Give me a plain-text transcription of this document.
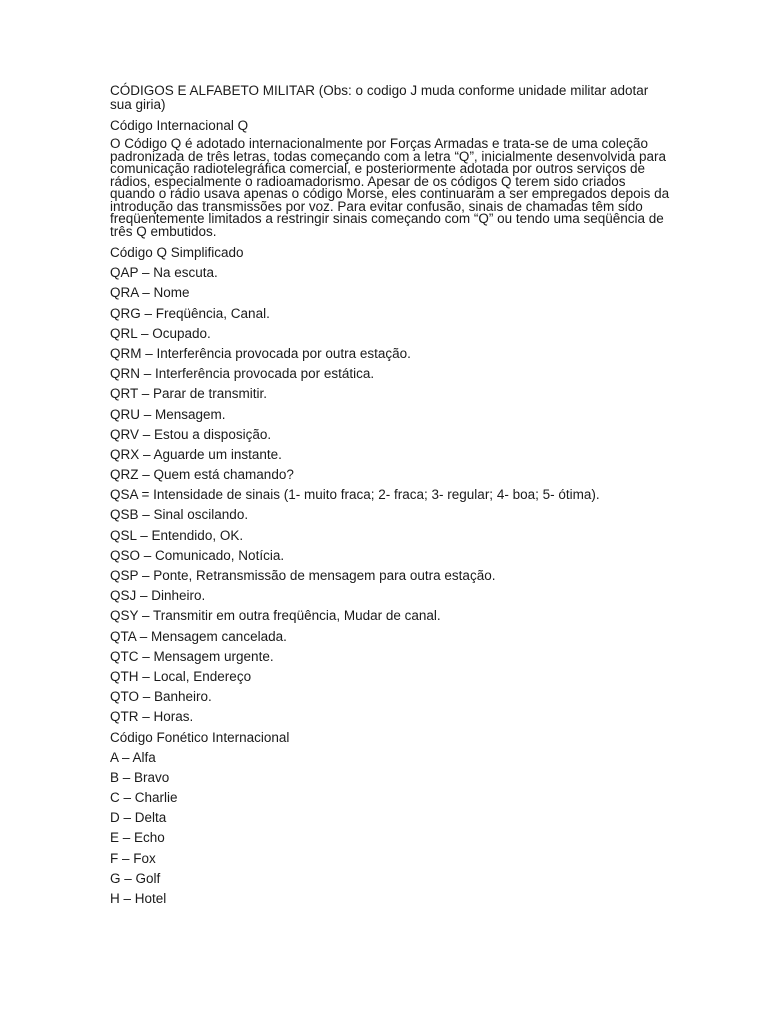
CÓDIGOS E ALFABETO MILITAR (Obs: o codigo J muda conforme unidade militar adotar sua giria)
Código Internacional Q
O Código Q é adotado internacionalmente por Forças Armadas e trata-se de uma coleção padronizada de três letras, todas começando com a letra “Q”, inicialmente desenvolvida para comunicação radiotelegráfica comercial, e posteriormente adotada por outros serviços de rádios, especialmente o radioamadorismo. Apesar de os códigos Q terem sido criados quando o rádio usava apenas o código Morse, eles continuaram a ser empregados depois da introdução das transmissões por voz. Para evitar confusão, sinais de chamadas têm sido freqüentemente limitados a restringir sinais começando com “Q” ou tendo uma seqüência de três Q embutidos.
Código Q Simplificado
QAP – Na escuta.
QRA – Nome
QRG – Freqüência, Canal.
QRL – Ocupado.
QRM – Interferência provocada por outra estação.
QRN – Interferência provocada por estática.
QRT – Parar de transmitir.
QRU – Mensagem.
QRV – Estou a disposição.
QRX – Aguarde um instante.
QRZ – Quem está chamando?
QSA = Intensidade de sinais (1- muito fraca; 2- fraca; 3- regular; 4- boa; 5- ótima).
QSB – Sinal oscilando.
QSL – Entendido, OK.
QSO – Comunicado, Notícia.
QSP – Ponte, Retransmissão de mensagem para outra estação.
QSJ – Dinheiro.
QSY – Transmitir em outra freqüência, Mudar de canal.
QTA – Mensagem cancelada.
QTC – Mensagem urgente.
QTH – Local, Endereço
QTO – Banheiro.
QTR – Horas.
Código Fonético Internacional
A – Alfa
B – Bravo
C – Charlie
D – Delta
E – Echo
F – Fox
G – Golf
H – Hotel
